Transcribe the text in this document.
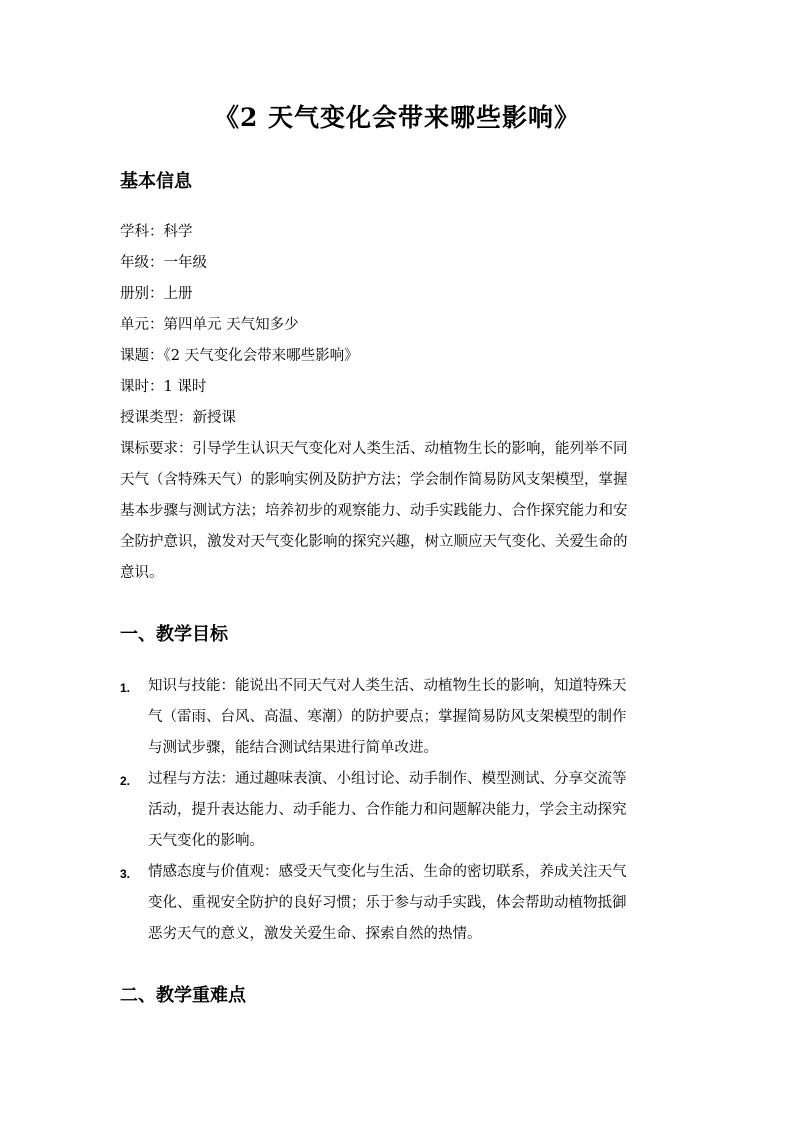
《2 天气变化会带来哪些影响》
基本信息
学科：科学
年级：一年级
册别：上册
单元：第四单元 天气知多少
课题：《2 天气变化会带来哪些影响》
课时：1 课时
授课类型：新授课
课标要求：引导学生认识天气变化对人类生活、动植物生长的影响，能列举不同
天气（含特殊天气）的影响实例及防护方法；学会制作简易防风支架模型，掌握
基本步骤与测试方法；培养初步的观察能力、动手实践能力、合作探究能力和安
全防护意识，激发对天气变化影响的探究兴趣，树立顺应天气变化、关爱生命的
意识。
一、教学目标
1. 知识与技能：能说出不同天气对人类生活、动植物生长的影响，知道特殊天
气（雷雨、台风、高温、寒潮）的防护要点；掌握简易防风支架模型的制作
与测试步骤，能结合测试结果进行简单改进。
2. 过程与方法：通过趣味表演、小组讨论、动手制作、模型测试、分享交流等
活动，提升表达能力、动手能力、合作能力和问题解决能力，学会主动探究
天气变化的影响。
3. 情感态度与价值观：感受天气变化与生活、生命的密切联系，养成关注天气
变化、重视安全防护的良好习惯；乐于参与动手实践，体会帮助动植物抵御
恶劣天气的意义，激发关爱生命、探索自然的热情。
二、教学重难点
